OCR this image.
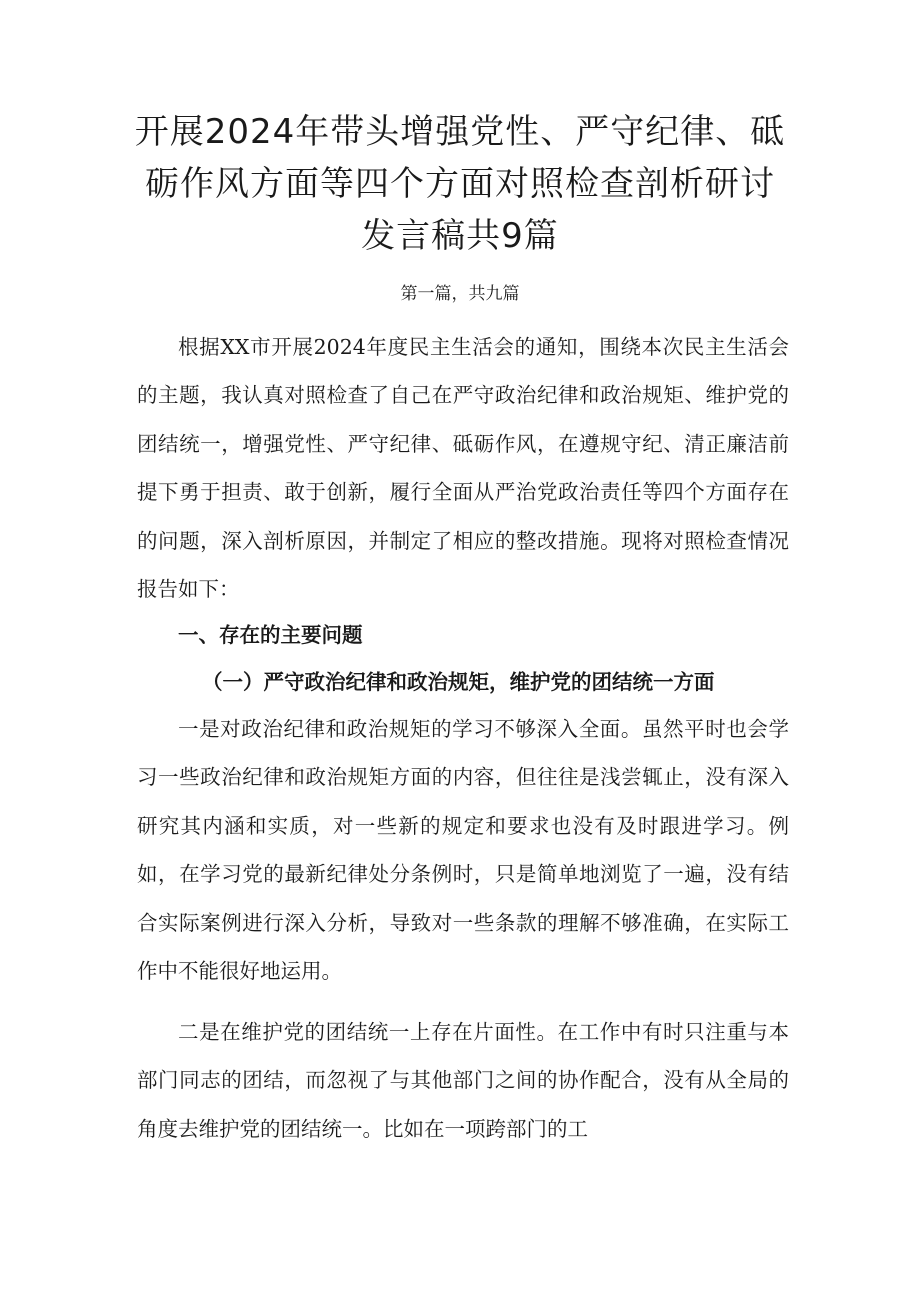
开展2024年带头增强党性、严守纪律、砥砺作风方面等四个方面对照检查剖析研讨发言稿共9篇
第一篇，共九篇

根据XX市开展2024年度民主生活会的通知，围绕本次民主生活会的主题，我认真对照检查了自己在严守政治纪律和政治规矩、维护党的团结统一，增强党性、严守纪律、砥砺作风，在遵规守纪、清正廉洁前提下勇于担责、敢于创新，履行全面从严治党政治责任等四个方面存在的问题，深入剖析原因，并制定了相应的整改措施。现将对照检查情况报告如下：

一、存在的主要问题
（一）严守政治纪律和政治规矩，维护党的团结统一方面

一是对政治纪律和政治规矩的学习不够深入全面。虽然平时也会学习一些政治纪律和政治规矩方面的内容，但往往是浅尝辄止，没有深入研究其内涵和实质，对一些新的规定和要求也没有及时跟进学习。例如，在学习党的最新纪律处分条例时，只是简单地浏览了一遍，没有结合实际案例进行深入分析，导致对一些条款的理解不够准确，在实际工作中不能很好地运用。

二是在维护党的团结统一上存在片面性。在工作中有时只注重与本部门同志的团结，而忽视了与其他部门之间的协作配合，没有从全局的角度去维护党的团结统一。比如在一项跨部门的工
